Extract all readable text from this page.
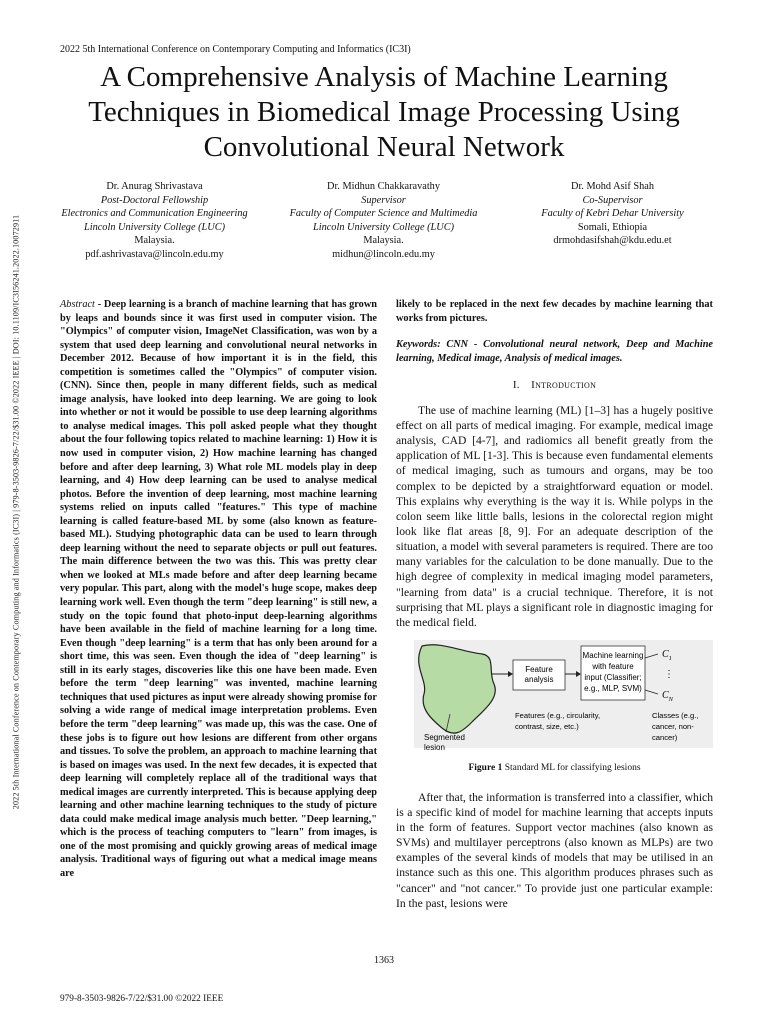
2022 5th International Conference on Contemporary Computing and Informatics (IC3I) | 979-8-3503-9826-7/22/$31.00 ©2022 IEEE | DOI: 10.1109/IC3I56241.2022.10072911
2022 5th International Conference on Contemporary Computing and Informatics (IC3I)
A Comprehensive Analysis of Machine Learning Techniques in Biomedical Image Processing Using Convolutional Neural Network
Dr. Anurag Shrivastava
Post-Doctoral Fellowship
Electronics and Communication Engineering
Lincoln University College (LUC)
Malaysia.
pdf.ashrivastava@lincoln.edu.my
Dr. Midhun Chakkaravathy
Supervisor
Faculty of Computer Science and Multimedia
Lincoln University College (LUC)
Malaysia.
midhun@lincoln.edu.my
Dr. Mohd Asif Shah
Co-Supervisor
Faculty of Kebri Dehar University
Somali, Ethiopia
drmohdasifshah@kdu.edu.et

Abstract - Deep learning is a branch of machine learning that has grown by leaps and bounds since it was first used in computer vision. The "Olympics" of computer vision, ImageNet Classification, was won by a system that used deep learning and convolutional neural networks in December 2012. Because of how important it is in the field, this competition is sometimes called the "Olympics" of computer vision. (CNN). Since then, people in many different fields, such as medical image analysis, have looked into deep learning. We are going to look into whether or not it would be possible to use deep learning algorithms to analyse medical images. This poll asked people what they thought about the four following topics related to machine learning: 1) How it is now used in computer vision, 2) How machine learning has changed before and after deep learning, 3) What role ML models play in deep learning, and 4) How deep learning can be used to analyse medical photos. Before the invention of deep learning, most machine learning systems relied on inputs called "features." This type of machine learning is called feature-based ML by some (also known as feature-based ML). Studying photographic data can be used to learn through deep learning without the need to separate objects or pull out features. The main difference between the two was this. This was pretty clear when we looked at MLs made before and after deep learning became very popular. This part, along with the model's huge scope, makes deep learning work well. Even though the term "deep learning" is still new, a study on the topic found that photo-input deep-learning algorithms have been available in the field of machine learning for a long time. Even though "deep learning" is a term that has only been around for a short time, this was seen. Even though the idea of "deep learning" is still in its early stages, discoveries like this one have been made. Even before the term "deep learning" was invented, machine learning techniques that used pictures as input were already showing promise for solving a wide range of medical image interpretation problems. Even before the term "deep learning" was made up, this was the case. One of these jobs is to figure out how lesions are different from other organs and tissues. To solve the problem, an approach to machine learning that is based on images was used. In the next few decades, it is expected that deep learning will completely replace all of the traditional ways that medical images are currently interpreted. This is because applying deep learning and other machine learning techniques to the study of picture data could make medical image analysis much better. "Deep learning," which is the process of teaching computers to "learn" from images, is one of the most promising and quickly growing areas of medical image analysis. Traditional ways of figuring out what a medical image means are

likely to be replaced in the next few decades by machine learning that works from pictures.

Keywords: CNN - Convolutional neural network, Deep and Machine learning, Medical image, Analysis of medical images.

I.  Introduction

The use of machine learning (ML) [1–3] has a hugely positive effect on all parts of medical imaging. For example, medical image analysis, CAD [4-7], and radiomics all benefit greatly from the application of ML [1-3]. This is because even fundamental elements of medical imaging, such as tumours and organs, may be too complex to be depicted by a straightforward equation or model. This explains why everything is the way it is. While polyps in the colon seem like little balls, lesions in the colorectal region might look like flat areas [8, 9]. For an adequate description of the situation, a model with several parameters is required. There are too many variables for the calculation to be done manually. Due to the high degree of complexity in medical imaging model parameters, "learning from data" is a crucial technique. Therefore, it is not surprising that ML plays a significant role in diagnostic imaging for the medical field.

Segmented
lesion
Feature
analysis
Machine learning
with feature
input (Classifier;
e.g., MLP, SVM)
$C_1$
⋮
$C_N$
Features (e.g., circularity,
contrast, size, etc.)
Classes (e.g.,
cancer, non-
cancer)
Figure 1 Standard ML for classifying lesions

After that, the information is transferred into a classifier, which is a specific kind of model for machine learning that accepts inputs in the form of features. Support vector machines (also known as SVMs) and multilayer perceptrons (also known as MLPs) are two examples of the several kinds of models that may be utilised in an instance such as this one. This algorithm produces phrases such as "cancer" and "not cancer." To provide just one particular example: In the past, lesions were

1363
979-8-3503-9826-7/22/$31.00 ©2022 IEEE
